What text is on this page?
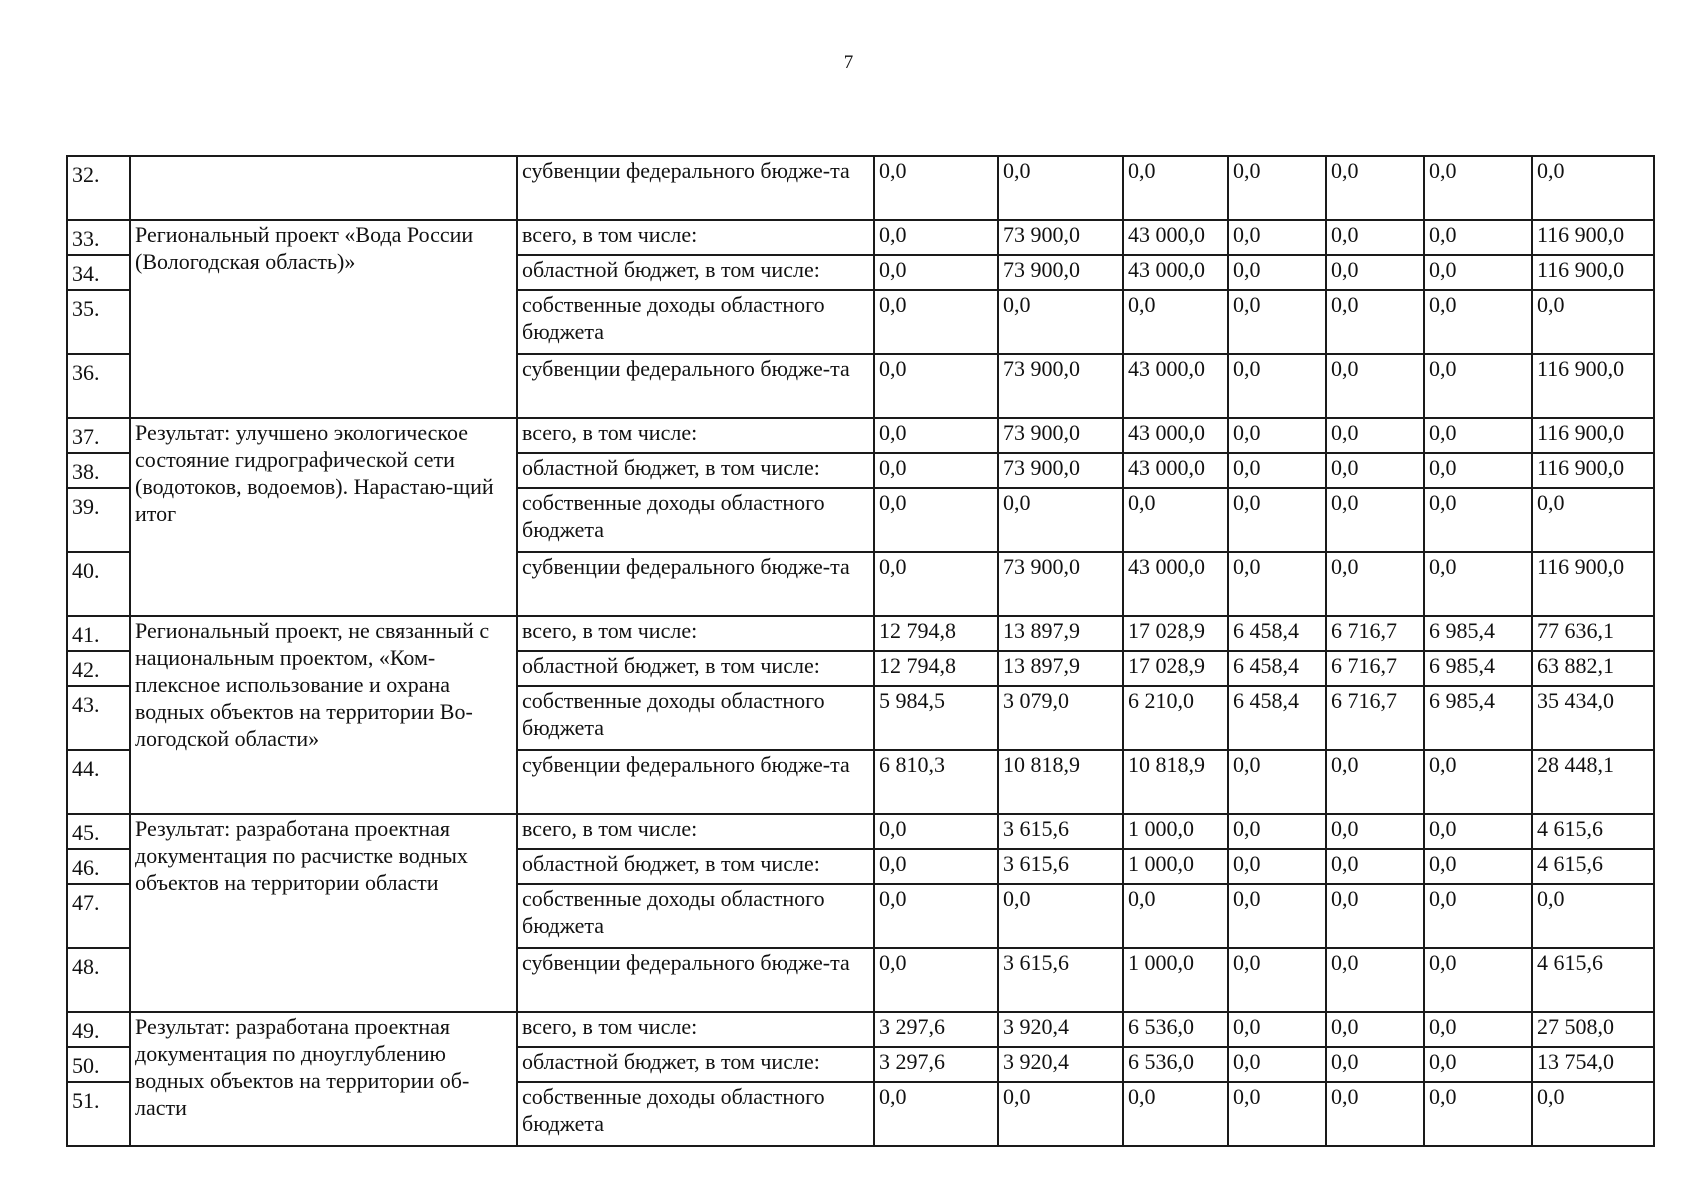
7
32.		субвенции федерального бюдже-та	0,0	0,0	0,0	0,0	0,0	0,0	0,0
33.	Региональный проект «Вода России (Вологодская область)»	всего, в том числе:	0,0	73 900,0	43 000,0	0,0	0,0	0,0	116 900,0
34.		областной бюджет, в том числе:	0,0	73 900,0	43 000,0	0,0	0,0	0,0	116 900,0
35.		собственные доходы областного бюджета	0,0	0,0	0,0	0,0	0,0	0,0	0,0
36.		субвенции федерального бюдже-та	0,0	73 900,0	43 000,0	0,0	0,0	0,0	116 900,0
37.	Результат: улучшено экологическое состояние гидрографической сети (водотоков, водоемов). Нарастаю-щий итог	всего, в том числе:	0,0	73 900,0	43 000,0	0,0	0,0	0,0	116 900,0
38.		областной бюджет, в том числе:	0,0	73 900,0	43 000,0	0,0	0,0	0,0	116 900,0
39.		собственные доходы областного бюджета	0,0	0,0	0,0	0,0	0,0	0,0	0,0
40.		субвенции федерального бюдже-та	0,0	73 900,0	43 000,0	0,0	0,0	0,0	116 900,0
41.	Региональный проект, не связанный с национальным проектом, «Ком-плексное использование и охрана водных объектов на территории Во-логодской области»	всего, в том числе:	12 794,8	13 897,9	17 028,9	6 458,4	6 716,7	6 985,4	77 636,1
42.		областной бюджет, в том числе:	12 794,8	13 897,9	17 028,9	6 458,4	6 716,7	6 985,4	63 882,1
43.		собственные доходы областного бюджета	5 984,5	3 079,0	6 210,0	6 458,4	6 716,7	6 985,4	35 434,0
44.		субвенции федерального бюдже-та	6 810,3	10 818,9	10 818,9	0,0	0,0	0,0	28 448,1
45.	Результат: разработана проектная документация по расчистке водных объектов на территории области	всего, в том числе:	0,0	3 615,6	1 000,0	0,0	0,0	0,0	4 615,6
46.		областной бюджет, в том числе:	0,0	3 615,6	1 000,0	0,0	0,0	0,0	4 615,6
47.		собственные доходы областного бюджета	0,0	0,0	0,0	0,0	0,0	0,0	0,0
48.		субвенции федерального бюдже-та	0,0	3 615,6	1 000,0	0,0	0,0	0,0	4 615,6
49.	Результат: разработана проектная документация по дноуглублению водных объектов на территории об-ласти	всего, в том числе:	3 297,6	3 920,4	6 536,0	0,0	0,0	0,0	27 508,0
50.		областной бюджет, в том числе:	3 297,6	3 920,4	6 536,0	0,0	0,0	0,0	13 754,0
51.		собственные доходы областного бюджета	0,0	0,0	0,0	0,0	0,0	0,0	0,0
